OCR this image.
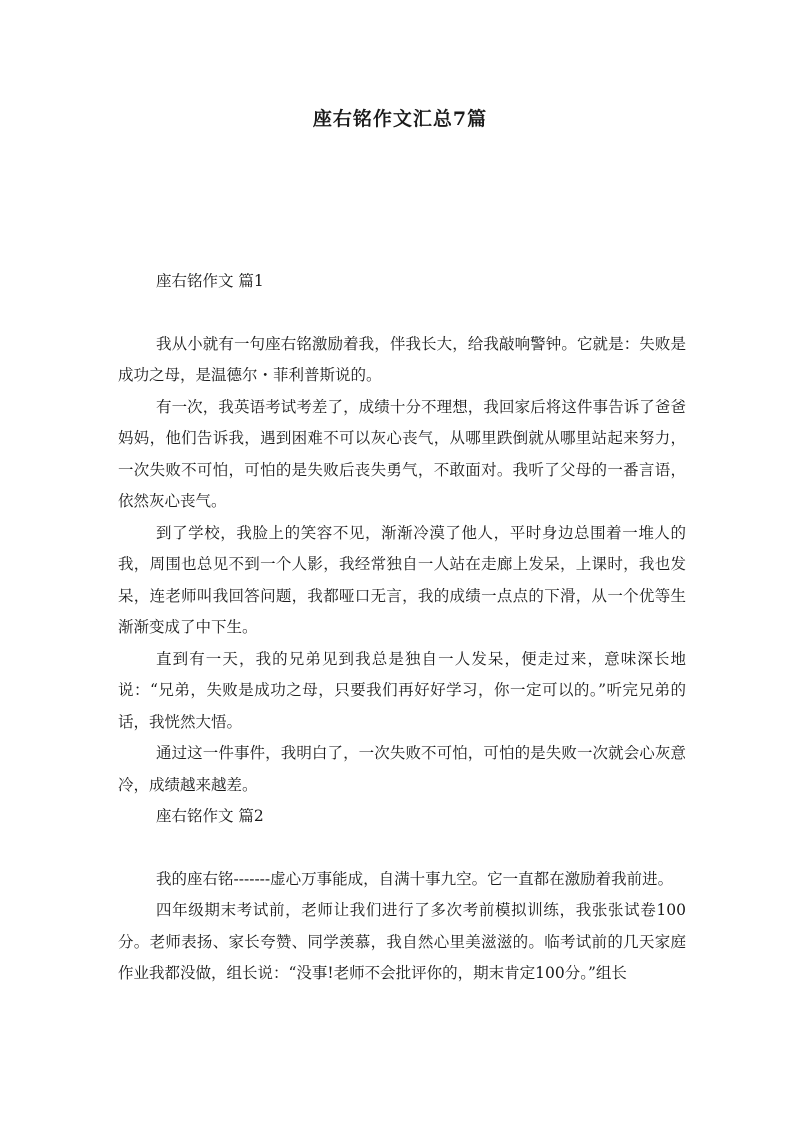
座右铭作文汇总7篇
座右铭作文 篇1

我从小就有一句座右铭激励着我，伴我长大，给我敲响警钟。它就是：失败是成功之母，是温德尔・菲利普斯说的。

有一次，我英语考试考差了，成绩十分不理想，我回家后将这件事告诉了爸爸妈妈，他们告诉我，遇到困难不可以灰心丧气，从哪里跌倒就从哪里站起来努力，一次失败不可怕，可怕的是失败后丧失勇气，不敢面对。我听了父母的一番言语，依然灰心丧气。

到了学校，我脸上的笑容不见，渐渐冷漠了他人，平时身边总围着一堆人的我，周围也总见不到一个人影，我经常独自一人站在走廊上发呆，上课时，我也发呆，连老师叫我回答问题，我都哑口无言，我的成绩一点点的下滑，从一个优等生渐渐变成了中下生。

直到有一天，我的兄弟见到我总是独自一人发呆，便走过来，意味深长地说：“兄弟，失败是成功之母，只要我们再好好学习，你一定可以的。”听完兄弟的话，我恍然大悟。

通过这一件事件，我明白了，一次失败不可怕，可怕的是失败一次就会心灰意冷，成绩越来越差。

座右铭作文 篇2

我的座右铭-------虚心万事能成，自满十事九空。它一直都在激励着我前进。

四年级期末考试前，老师让我们进行了多次考前模拟训练，我张张试卷100分。老师表扬、家长夸赞、同学羡慕，我自然心里美滋滋的。临考试前的几天家庭作业我都没做，组长说：“没事!老师不会批评你的，期末肯定100分。”组长
